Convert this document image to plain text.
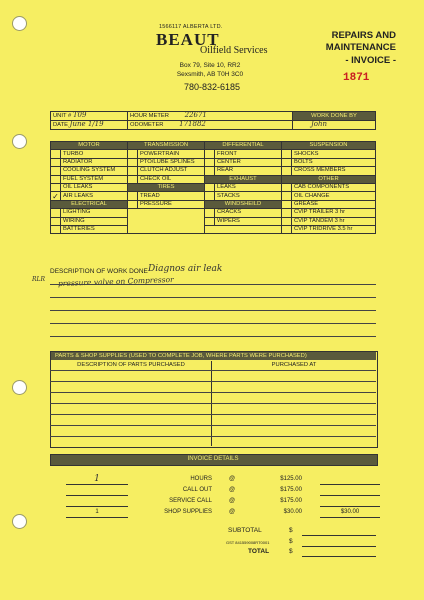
1566117 ALBERTA LTD.
BEAUT
Oilfield Services
Box 79, Site 10, RR2
Sexsmith, AB T0H 3C0
780-832-6185
REPAIRS AND
MAINTENANCE
- INVOICE -
1871
UNIT # T09	HOUR METER 22671	WORK DONE BY
DATE June 1/19	ODOMETER 171882	John
MOTOR		TRANSMISSION		DIFFERENTIAL		SUSPENSION	
	TURBO		POWERTRAIN		FRONT		SHOCKS
	RADIATOR		PTO/LUBE SPLINES		CENTER		BOLTS
	COOLING SYSTEM		CLUTCH ADJUST		REAR		CROSS MEMBERS
	FUEL SYSTEM		CHECK OIL	EXHAUST		OTHER	
	OIL LEAKS	TIRES			LEAKS		CAB COMPONENTS
✓	AIR LEAKS		TREAD		STACKS		OIL CHANGE
ELECTRICAL			PRESSURE	WINDSHEILD			GREASE
	LIGHTING				CRACKS		CVIP TRAILER 3 hr
	WIRING				WIPERS		CVIP TANDEM 3 hr
	BATTERIES						CVIP TRIDRIVE 3.5 hr
DESCRIPTION OF WORK DONE Diagnos air leak
pressure valve on Compressor
RLR
PARTS & SHOP SUPPLIES (USED TO COMPLETE JOB, WHERE PARTS WERE PURCHASED)
DESCRIPTION OF PARTS PURCHASED	PURCHASED AT
INVOICE DETAILS
1	HOURS	@	$125.00		
	CALL OUT	@	$175.00		
	SERVICE CALL	@	$175.00		
1	SHOP SUPPLIES	@	$30.00		$30.00
SUBTOTAL	$
GST 841559008RT0001	$
TOTAL	$
